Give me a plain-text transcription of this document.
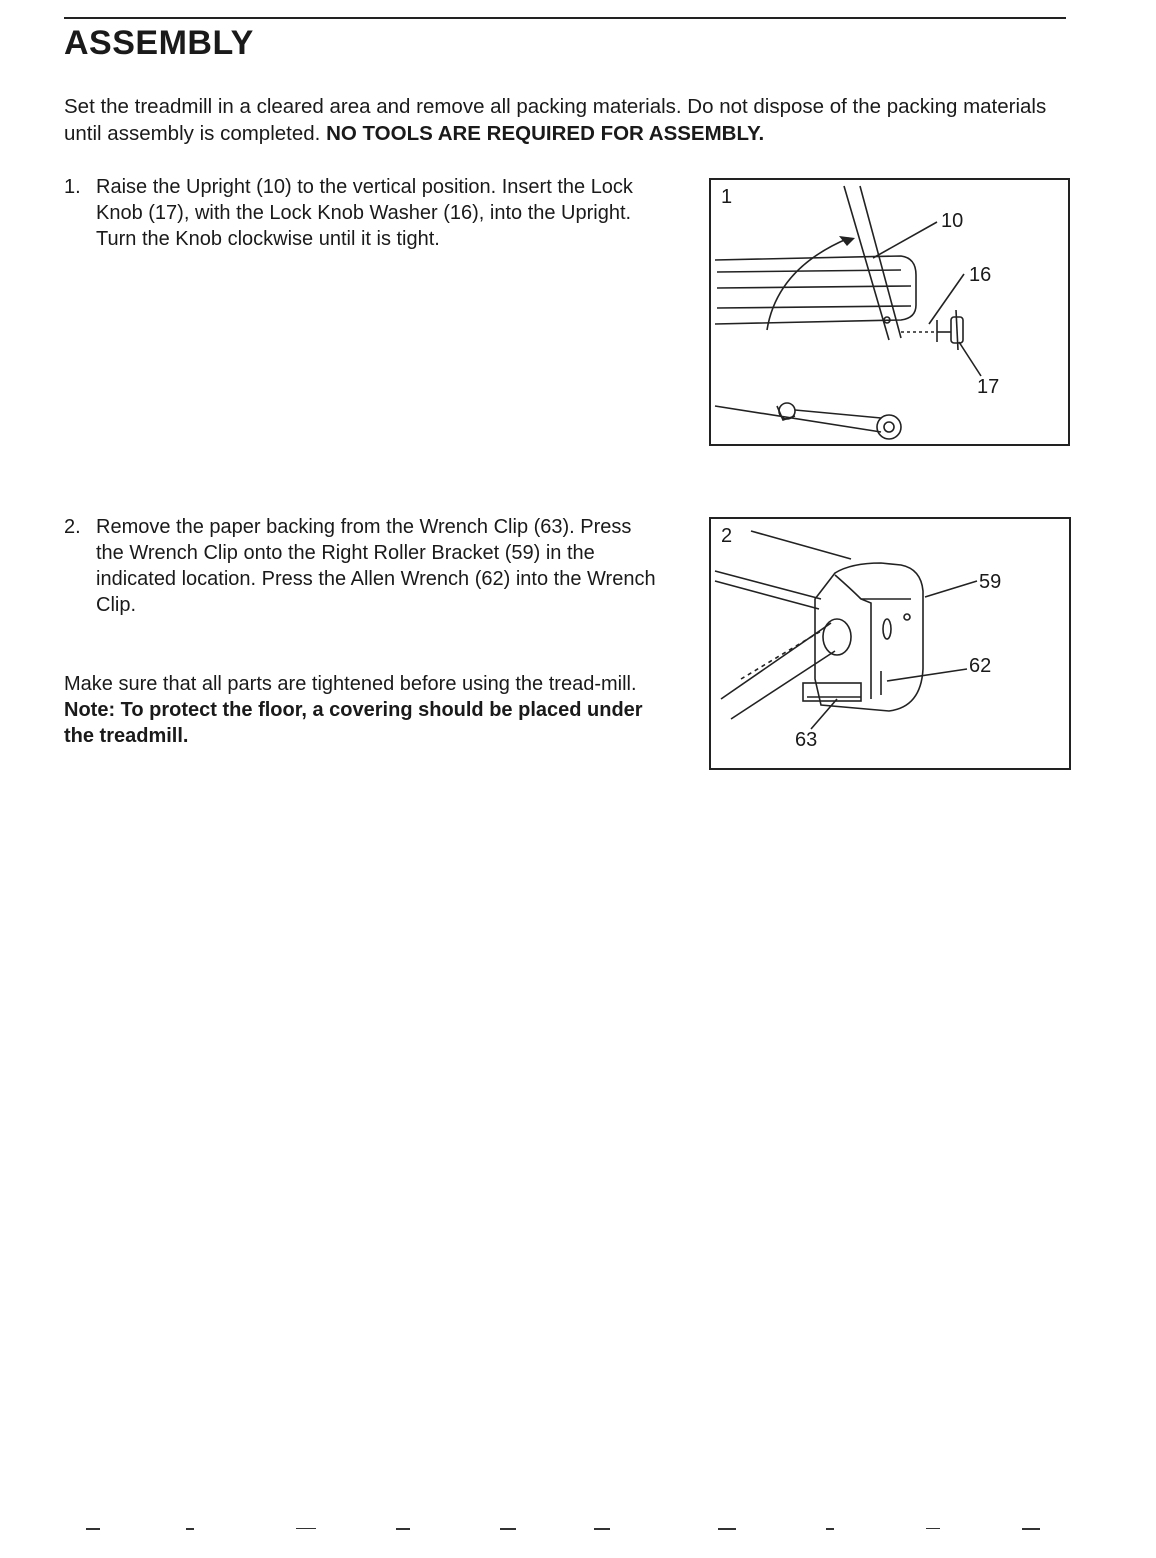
ASSEMBLY

Set the treadmill in a cleared area and remove all packing materials. Do not dispose of the packing materials until assembly is completed. NO TOOLS ARE REQUIRED FOR ASSEMBLY.

1. Raise the Upright (10) to the vertical position. Insert the Lock Knob (17), with the Lock Knob Washer (16), into the Upright. Turn the Knob clockwise until it is tight.

2. Remove the paper backing from the Wrench Clip (63). Press the Wrench Clip onto the Right Roller Bracket (59) in the indicated location. Press the Allen Wrench (62) into the Wrench Clip.

Make sure that all parts are tightened before using the tread-mill. Note: To protect the floor, a covering should be placed under the treadmill.

1
10
16
17
2
59
62
63
